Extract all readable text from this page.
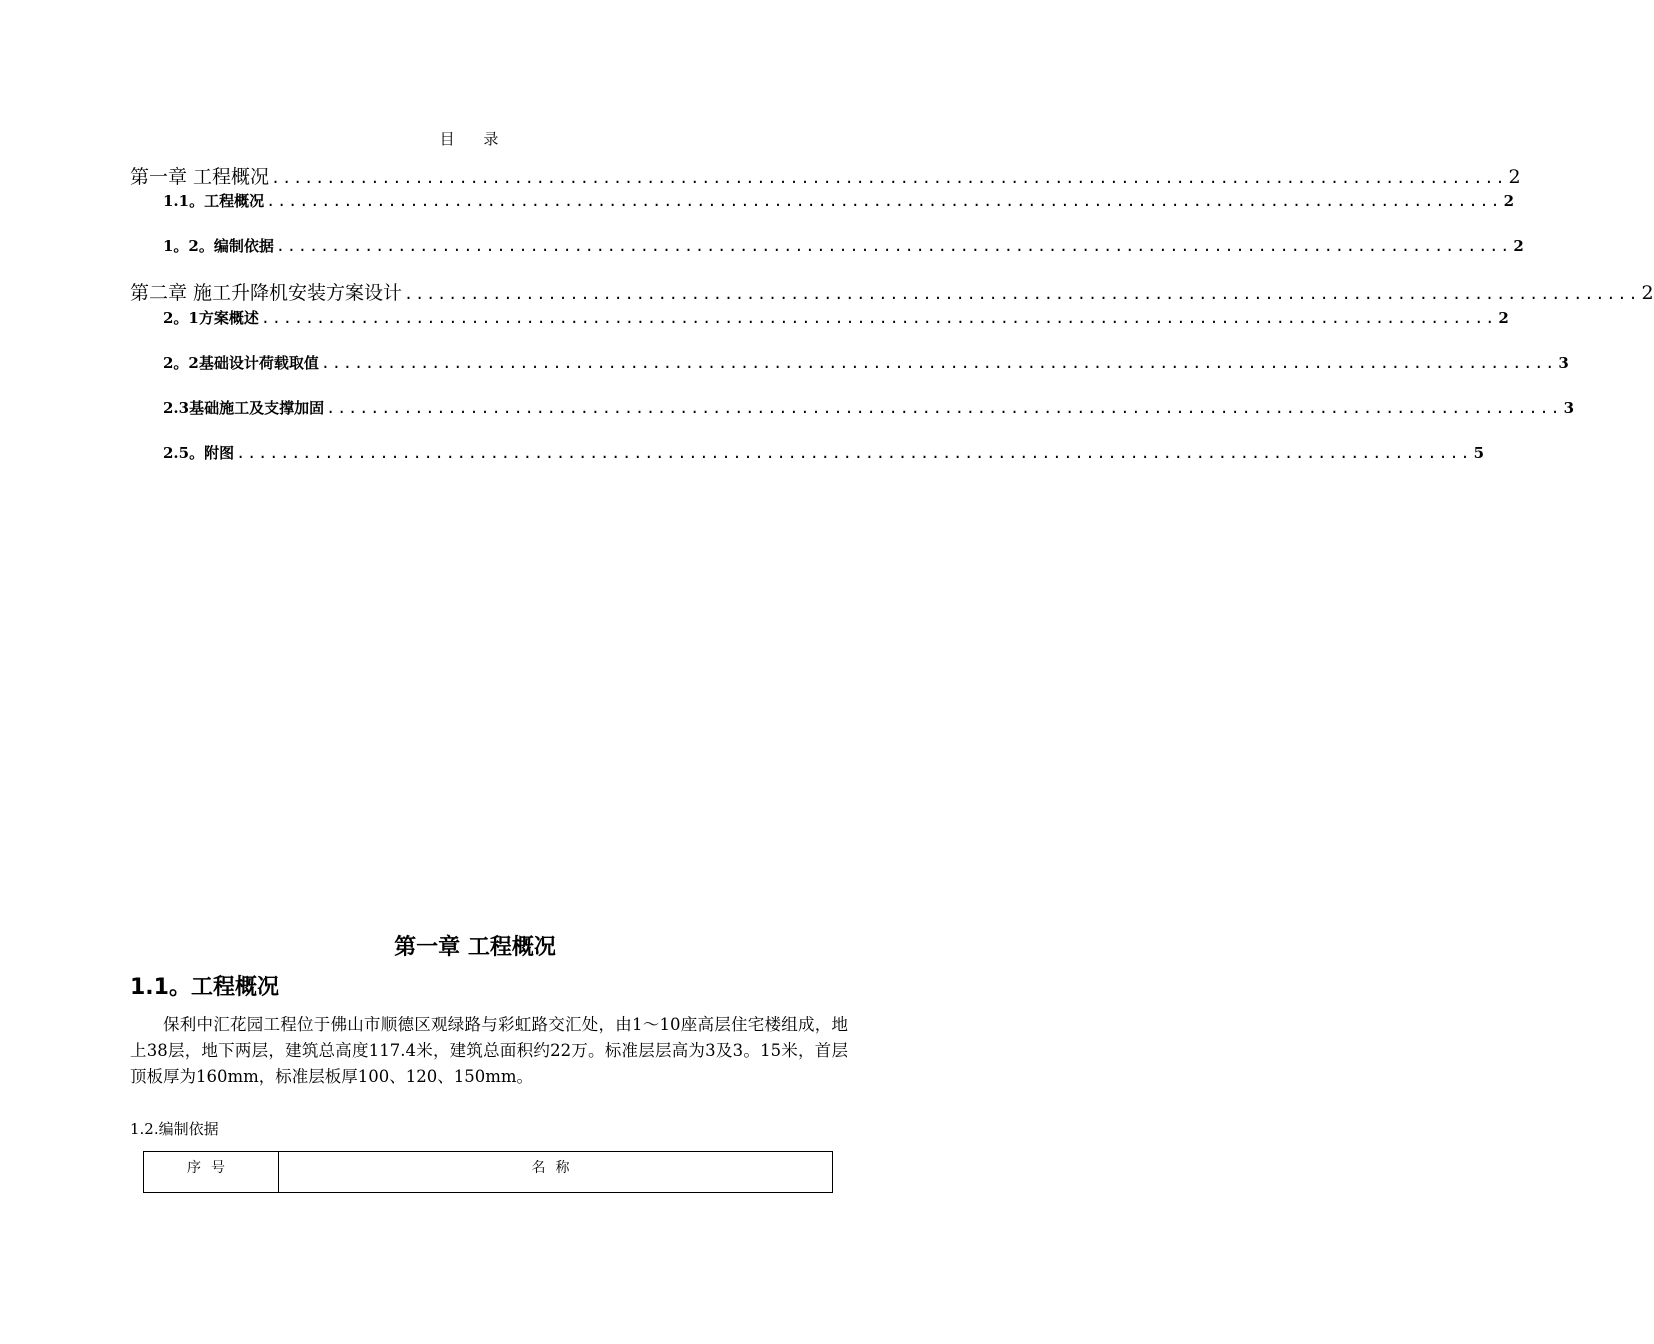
目 录
第一章 工程概况 ................................................................................................................ 2
1.1。工程概况 ................................................................................................................ 2
1。2。编制依据 ................................................................................................................ 2
第二章 施工升降机安装方案设计 ................................................................................................................ 2
2。1方案概述 ................................................................................................................ 2
2。2基础设计荷载取值 ................................................................................................................ 3
2.3基础施工及支撑加固 ................................................................................................................ 3
2.5。附图 ................................................................................................................ 5
第一章 工程概况
1.1。工程概况
保利中汇花园工程位于佛山市顺德区观绿路与彩虹路交汇处，由1～10座高层住宅楼组成，地上38层，地下两层，建筑总高度117.4米，建筑总面积约22万。标准层层高为3及3。15米，首层顶板厚为160mm，标准层板厚100、120、150mm。
1.2.编制依据
序号	名称
